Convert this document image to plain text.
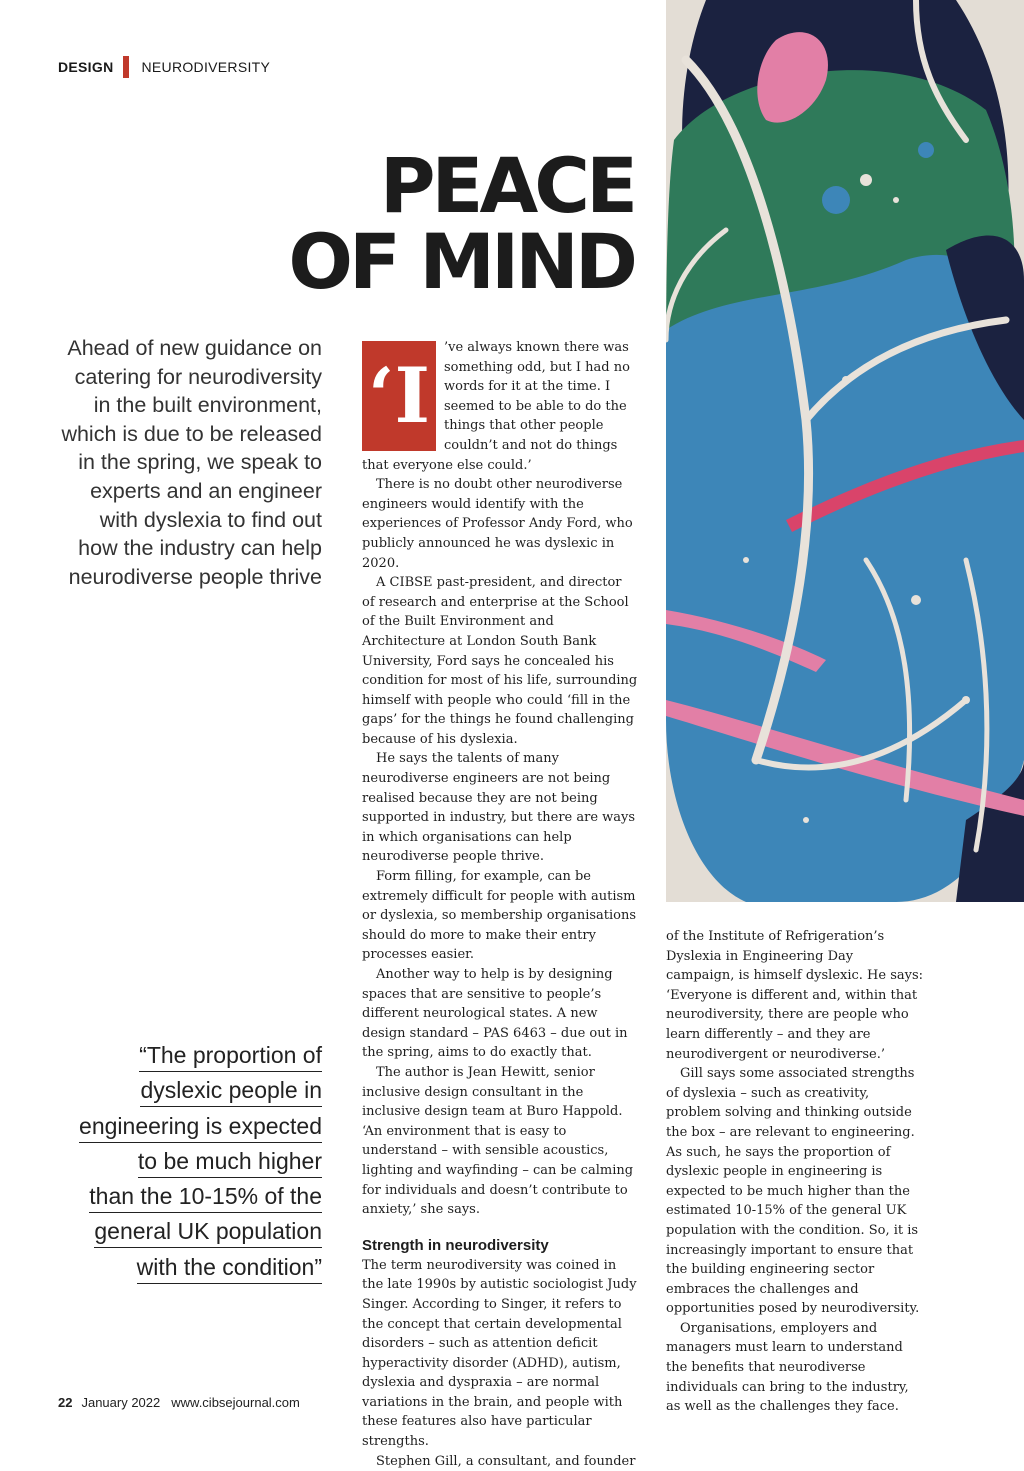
DESIGN NEURODIVERSITY
PEACE
OF MIND
Ahead of new guidance on catering for neurodiversity in the built environment, which is due to be released in the spring, we speak to experts and an engineer with dyslexia to find out how the industry can help neurodiverse people thrive
“The proportion of
dyslexic people in
engineering is expected
to be much higher
than the 10-15% of the
general UK population
with the condition”
‘I

’ve always known there was something odd, but I had no words for it at the time. I seemed to be able to do the things that other people couldn’t and not do things that everyone else could.’

There is no doubt other neurodiverse engineers would identify with the experiences of Professor Andy Ford, who publicly announced he was dyslexic in 2020.

A CIBSE past-president, and director of research and enterprise at the School of the Built Environment and Architecture at London South Bank University, Ford says he concealed his condition for most of his life, surrounding himself with people who could ‘fill in the gaps’ for the things he found challenging because of his dyslexia.

He says the talents of many neurodiverse engineers are not being realised because they are not being supported in industry, but there are ways in which organisations can help neurodiverse people thrive.

Form filling, for example, can be extremely difficult for people with autism or dyslexia, so membership organisations should do more to make their entry processes easier.

Another way to help is by designing spaces that are sensitive to people’s different neurological states. A new design standard – PAS 6463 – due out in the spring, aims to do exactly that.

The author is Jean Hewitt, senior inclusive design consultant in the inclusive design team at Buro Happold. ‘An environment that is easy to understand – with sensible acoustics, lighting and wayfinding – can be calming for individuals and doesn’t contribute to anxiety,’ she says.

Strength in neurodiversity

The term neurodiversity was coined in the late 1990s by autistic sociologist Judy Singer. According to Singer, it refers to the concept that certain developmental disorders – such as attention deficit hyperactivity disorder (ADHD), autism, dyslexia and dyspraxia – are normal variations in the brain, and people with these features also have particular strengths.

Stephen Gill, a consultant, and founder

of the Institute of Refrigeration’s Dyslexia in Engineering Day campaign, is himself dyslexic. He says: ‘Everyone is different and, within that neurodiversity, there are people who learn differently – and they are neurodivergent or neurodiverse.’

Gill says some associated strengths of dyslexia – such as creativity, problem solving and thinking outside the box – are relevant to engineering. As such, he says the proportion of dyslexic people in engineering is expected to be much higher than the estimated 10-15% of the general UK population with the condition. So, it is increasingly important to ensure that the building engineering sector embraces the challenges and opportunities posed by neurodiversity.

Organisations, employers and managers must learn to understand the benefits that neurodiverse individuals can bring to the industry, as well as the challenges they face.

22 January 2022 www.cibsejournal.com
